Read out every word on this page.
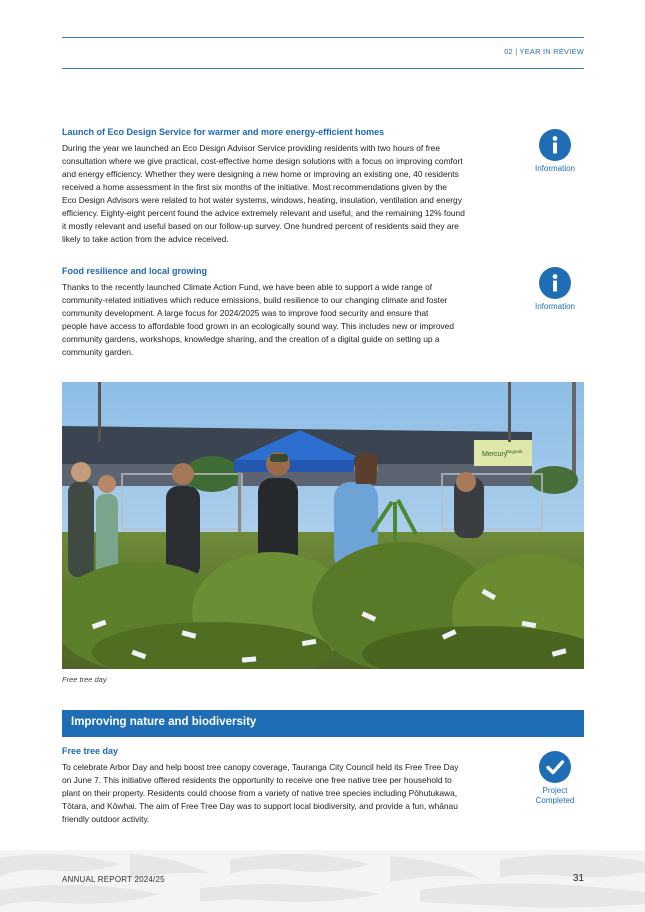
02 | YEAR IN REVIEW
Launch of Eco Design Service for warmer and more energy-efficient homes
During the year we launched an Eco Design Advisor Service providing residents with two hours of free
consultation where we give practical, cost-effective home design solutions with a focus on improving comfort
and energy efficiency. Whether they were designing a new home or improving an existing one, 40 residents
received a home assessment in the first six months of the initiative. Most recommendations given by the
Eco Design Advisors were related to hot water systems, windows, heating, insulation, ventilation and energy
efficiency. Eighty-eight percent found the advice extremely relevant and useful, and the remaining 12% found
it mostly relevant and useful based on our follow-up survey. One hundred percent of residents said they are
likely to take action from the advice received.
Information
Food resilience and local growing
Thanks to the recently launched Climate Action Fund, we have been able to support a wide range of
community-related initiatives which reduce emissions, build resilience to our changing climate and foster
community development. A large focus for 2024/2025 was to improve food security and ensure that
people have access to affordable food grown in an ecologically sound way. This includes new or improved
community gardens, workshops, knowledge sharing, and the creation of a digital guide on setting up a
community garden.
Information
Mercury
Baypark
Free tree day
Improving nature and biodiversity
Free tree day
To celebrate Arbor Day and help boost tree canopy coverage, Tauranga City Council held its Free Tree Day
on June 7. This initiative offered residents the opportunity to receive one free native tree per household to
plant on their property. Residents could choose from a variety of native tree species including Pōhutukawa,
Tōtara, and Kōwhai. The aim of Free Tree Day was to support local biodiversity, and provide a fun, whānau
friendly outdoor activity.
Project
Completed
ANNUAL REPORT 2024/25	31
